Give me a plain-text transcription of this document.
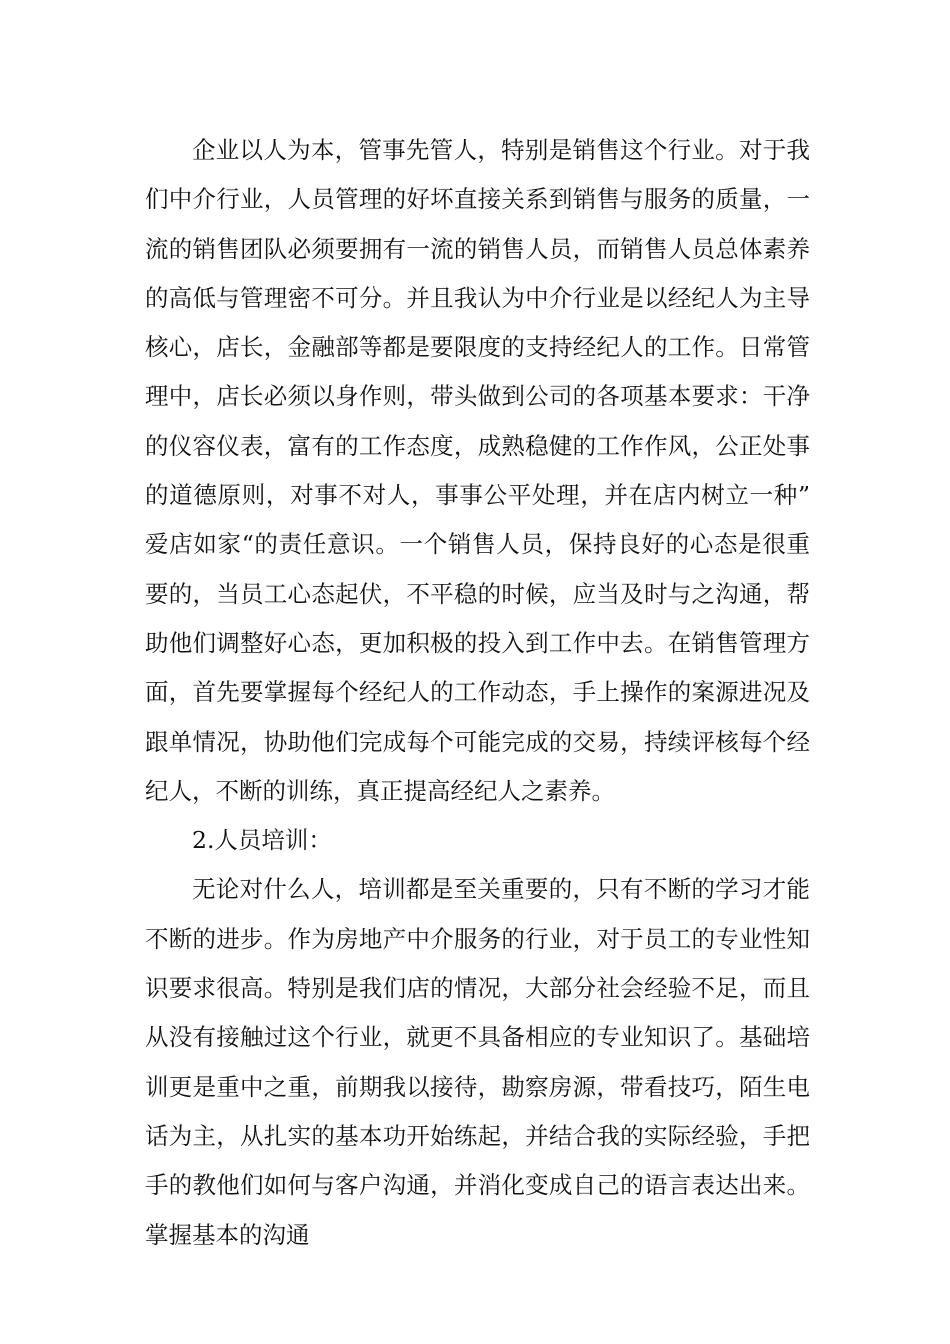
企业以人为本，管事先管人，特别是销售这个行业。对于我们中介行业，人员管理的好坏直接关系到销售与服务的质量，一流的销售团队必须要拥有一流的销售人员，而销售人员总体素养的高低与管理密不可分。并且我认为中介行业是以经纪人为主导核心，店长，金融部等都是要限度的支持经纪人的工作。日常管理中，店长必须以身作则，带头做到公司的各项基本要求：干净的仪容仪表，富有的工作态度，成熟稳健的工作作风，公正处事的道德原则，对事不对人，事事公平处理，并在店内树立一种”爱店如家“的责任意识。一个销售人员，保持良好的心态是很重要的，当员工心态起伏，不平稳的时候，应当及时与之沟通，帮助他们调整好心态，更加积极的投入到工作中去。在销售管理方面，首先要掌握每个经纪人的工作动态，手上操作的案源进况及跟单情况，协助他们完成每个可能完成的交易，持续评核每个经纪人，不断的训练，真正提高经纪人之素养。

2.人员培训：

无论对什么人，培训都是至关重要的，只有不断的学习才能不断的进步。作为房地产中介服务的行业，对于员工的专业性知识要求很高。特别是我们店的情况，大部分社会经验不足，而且从没有接触过这个行业，就更不具备相应的专业知识了。基础培训更是重中之重，前期我以接待，勘察房源，带看技巧，陌生电话为主，从扎实的基本功开始练起，并结合我的实际经验，手把手的教他们如何与客户沟通，并消化变成自己的语言表达出来。掌握基本的沟通
